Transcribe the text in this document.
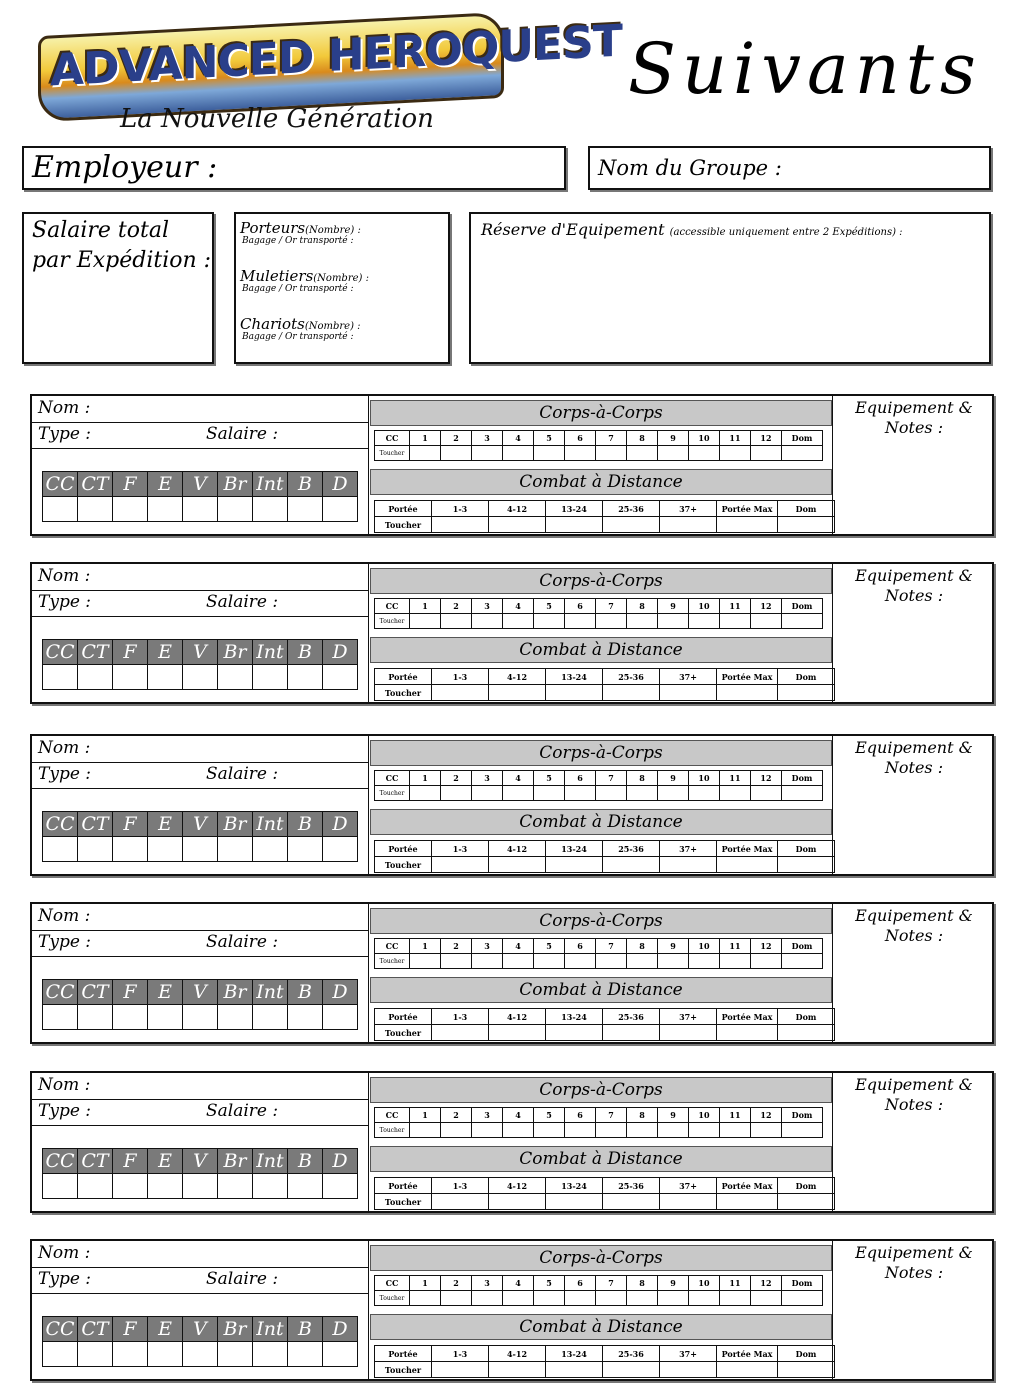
ADVANCED HEROQUEST
La Nouvelle Génération
Suivants
Employeur :	Nom du Groupe :
Salaire total
par Expédition :
Porteurs(Nombre) :
Bagage / Or transporté :
Muletiers(Nombre) :
Bagage / Or transporté :
Chariots(Nombre) :
Bagage / Or transporté :
Réserve d'Equipement (accessible uniquement entre 2 Expéditions) :
Nom :
Type :	Salaire :
CC	CT	F	E	V	Br	Int	B	D

Corps-à-Corps
CC	1	2	3	4	5	6	7	8	9	10	11	12	Dom
Toucher													
Combat à Distance
Portée	1-3	4-12	13-24	25-36	37+	Portée Max	Dom
Toucher							
Equipement &
Notes :
Nom :
Type :	Salaire :
CC	CT	F	E	V	Br	Int	B	D

Corps-à-Corps
CC	1	2	3	4	5	6	7	8	9	10	11	12	Dom
Toucher													
Combat à Distance
Portée	1-3	4-12	13-24	25-36	37+	Portée Max	Dom
Toucher							
Equipement &
Notes :
Nom :
Type :	Salaire :
CC	CT	F	E	V	Br	Int	B	D

Corps-à-Corps
CC	1	2	3	4	5	6	7	8	9	10	11	12	Dom
Toucher													
Combat à Distance
Portée	1-3	4-12	13-24	25-36	37+	Portée Max	Dom
Toucher							
Equipement &
Notes :
Nom :
Type :	Salaire :
CC	CT	F	E	V	Br	Int	B	D

Corps-à-Corps
CC	1	2	3	4	5	6	7	8	9	10	11	12	Dom
Toucher													
Combat à Distance
Portée	1-3	4-12	13-24	25-36	37+	Portée Max	Dom
Toucher							
Equipement &
Notes :
Nom :
Type :	Salaire :
CC	CT	F	E	V	Br	Int	B	D

Corps-à-Corps
CC	1	2	3	4	5	6	7	8	9	10	11	12	Dom
Toucher													
Combat à Distance
Portée	1-3	4-12	13-24	25-36	37+	Portée Max	Dom
Toucher							
Equipement &
Notes :
Nom :
Type :	Salaire :
CC	CT	F	E	V	Br	Int	B	D

Corps-à-Corps
CC	1	2	3	4	5	6	7	8	9	10	11	12	Dom
Toucher													
Combat à Distance
Portée	1-3	4-12	13-24	25-36	37+	Portée Max	Dom
Toucher							
Equipement &
Notes :
